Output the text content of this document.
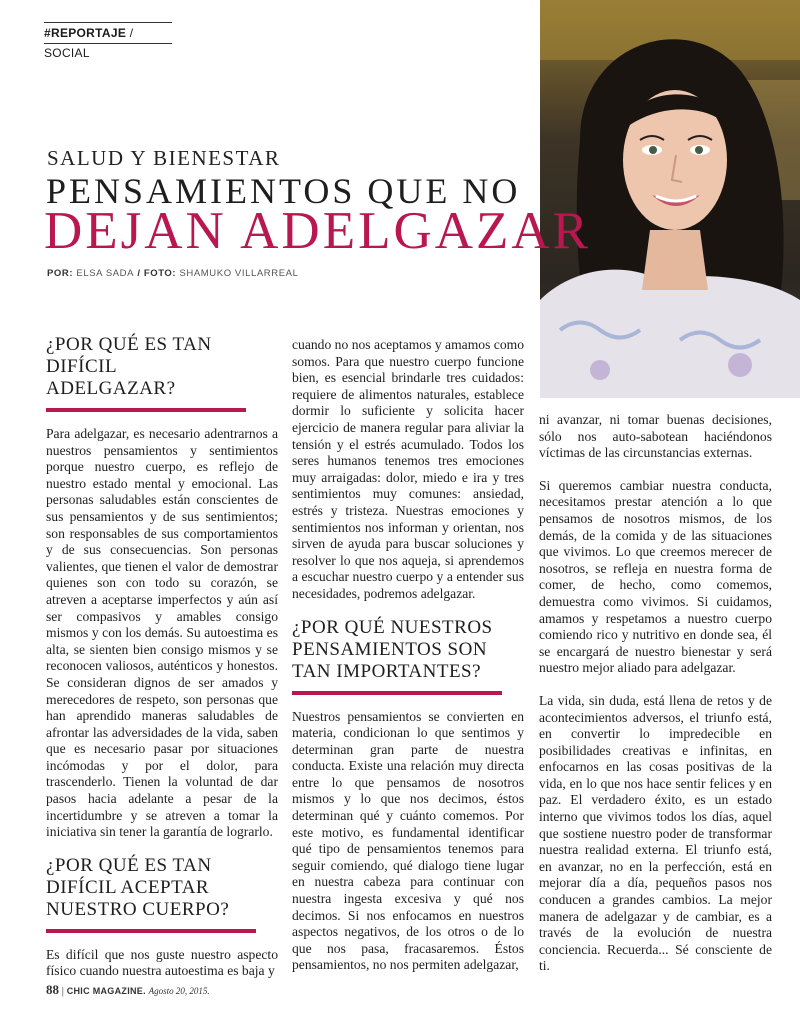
#REPORTAJE / SOCIAL
SALUD Y BIENESTAR
PENSAMIENTOS QUE NO
DEJAN ADELGAZAR
POR: ELSA SADA / FOTO: SHAMUKO VILLARREAL
¿POR QUÉ ES TAN DIFÍCIL ADELGAZAR?
Para adelgazar, es necesario adentrarnos a nuestros pensamientos y sentimientos porque nuestro cuerpo, es reflejo de nuestro estado mental y emocional. Las personas saludables están conscientes de sus pensamientos y de sus sentimientos; son responsables de sus comportamientos y de sus consecuencias. Son personas valientes, que tienen el valor de demostrar quienes son con todo su corazón, se atreven a aceptarse imperfectos y aún así ser compasivos y amables consigo mismos y con los demás. Su autoestima es alta, se sienten bien consigo mismos y se reconocen valiosos, auténticos y honestos. Se consideran dignos de ser amados y merecedores de respeto, son personas que han aprendido maneras saludables de afrontar las adversidades de la vida, saben que es necesario pasar por situaciones incómodas y por el dolor, para trascenderlo. Tienen la voluntad de dar pasos hacia adelante a pesar de la incertidumbre y se atreven a tomar la iniciativa sin tener la garantía de lograrlo.
¿POR QUÉ ES TAN DIFÍCIL ACEPTAR NUESTRO CUERPO?
Es difícil que nos guste nuestro aspecto físico cuando nuestra autoestima es baja y
cuando no nos aceptamos y amamos como somos. Para que nuestro cuerpo funcione bien, es esencial brindarle tres cuidados: requiere de alimentos naturales, establece dormir lo suficiente y solicita hacer ejercicio de manera regular para aliviar la tensión y el estrés acumulado. Todos los seres humanos tenemos tres emociones muy arraigadas: dolor, miedo e ira y tres sentimientos muy comunes: ansiedad, estrés y tristeza. Nuestras emociones y sentimientos nos informan y orientan, nos sirven de ayuda para buscar soluciones y resolver lo que nos aqueja, si aprendemos a escuchar nuestro cuerpo y a entender sus necesidades, podremos adelgazar.
¿POR QUÉ NUESTROS PENSAMIENTOS SON TAN IMPORTANTES?
Nuestros pensamientos se convierten en materia, condicionan lo que sentimos y determinan gran parte de nuestra conducta. Existe una relación muy directa entre lo que pensamos de nosotros mismos y lo que nos decimos, éstos determinan qué y cuánto comemos. Por este motivo, es fundamental identificar qué tipo de pensamientos tenemos para seguir comiendo, qué dialogo tiene lugar en nuestra cabeza para continuar con nuestra ingesta excesiva y qué nos decimos. Si nos enfocamos en nuestros aspectos negativos, de los otros o de lo que nos pasa, fracasaremos. Éstos pensamientos, no nos permiten adelgazar,
ni avanzar, ni tomar buenas decisiones, sólo nos auto-sabotean haciéndonos víctimas de las circunstancias externas.
Si queremos cambiar nuestra conducta, necesitamos prestar atención a lo que pensamos de nosotros mismos, de los demás, de la comida y de las situaciones que vivimos. Lo que creemos merecer de nosotros, se refleja en nuestra forma de comer, de hecho, como comemos, demuestra como vivimos. Si cuidamos, amamos y respetamos a nuestro cuerpo comiendo rico y nutritivo en donde sea, él se encargará de nuestro bienestar y será nuestro mejor aliado para adelgazar.
La vida, sin duda, está llena de retos y de acontecimientos adversos, el triunfo está, en convertir lo impredecible en posibilidades creativas e infinitas, en enfocarnos en las cosas positivas de la vida, en lo que nos hace sentir felices y en paz. El verdadero éxito, es un estado interno que vivimos todos los días, aquel que sostiene nuestro poder de transformar nuestra realidad externa. El triunfo está, en avanzar, no en la perfección, está en mejorar día a día, pequeños pasos nos conducen a grandes cambios. La mejor manera de adelgazar y de cambiar, es a través de la evolución de nuestra conciencia. Recuerda... Sé consciente de ti.
88 | CHIC MAGAZINE. Agosto 20, 2015.
